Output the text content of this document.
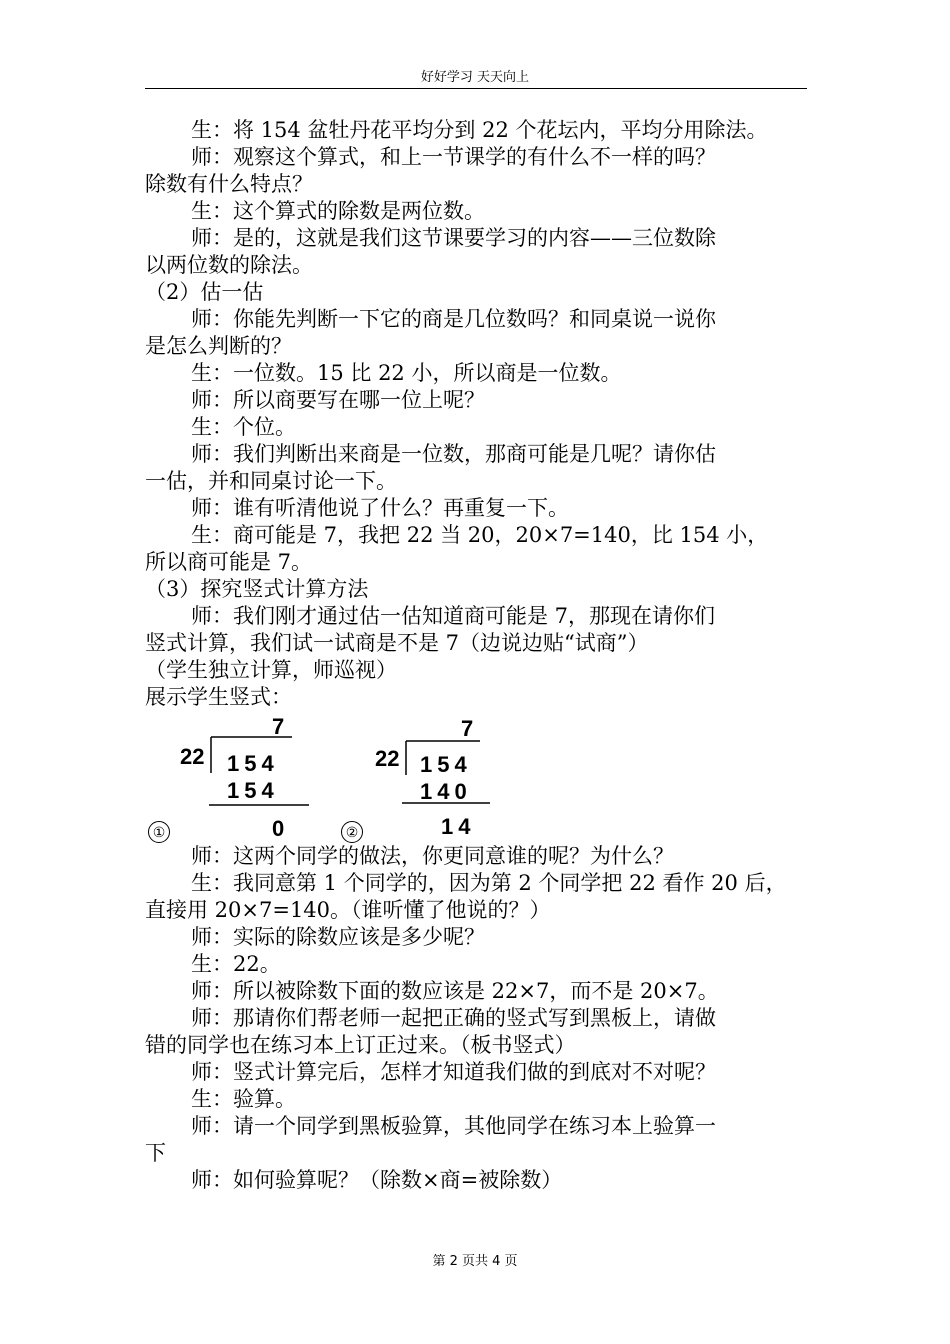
好好学习 天天向上

生：将 154 盆牡丹花平均分到 22 个花坛内，平均分用除法。

师：观察这个算式，和上一节课学的有什么不一样的吗？

除数有什么特点？

生：这个算式的除数是两位数。

师：是的，这就是我们这节课要学习的内容——三位数除

以两位数的除法。

（2）估一估

师：你能先判断一下它的商是几位数吗？和同桌说一说你

是怎么判断的？

生：一位数。15 比 22 小，所以商是一位数。

师：所以商要写在哪一位上呢？

生：个位。

师：我们判断出来商是一位数，那商可能是几呢？请你估

一估，并和同桌讨论一下。

师：谁有听清他说了什么？再重复一下。

生：商可能是 7，我把 22 当 20，20×7=140，比 154 小，

所以商可能是 7。

（3）探究竖式计算方法

师：我们刚才通过估一估知道商可能是 7，那现在请你们

竖式计算，我们试一试商是不是 7（边说边贴“试商”）

（学生独立计算，师巡视）

展示学生竖式：

7
22 154
154
0
①
7
22 154
140
14
②

师：这两个同学的做法，你更同意谁的呢？为什么？

生：我同意第 1 个同学的，因为第 2 个同学把 22 看作 20 后，

直接用 20×7=140。（谁听懂了他说的？）

师：实际的除数应该是多少呢？

生：22。

师：所以被除数下面的数应该是 22×7，而不是 20×7。

师：那请你们帮老师一起把正确的竖式写到黑板上，请做

错的同学也在练习本上订正过来。（板书竖式）

师：竖式计算完后，怎样才知道我们做的到底对不对呢？

生：验算。

师：请一个同学到黑板验算，其他同学在练习本上验算一

下

师：如何验算呢？（除数×商=被除数）

第 2 页共 4 页
